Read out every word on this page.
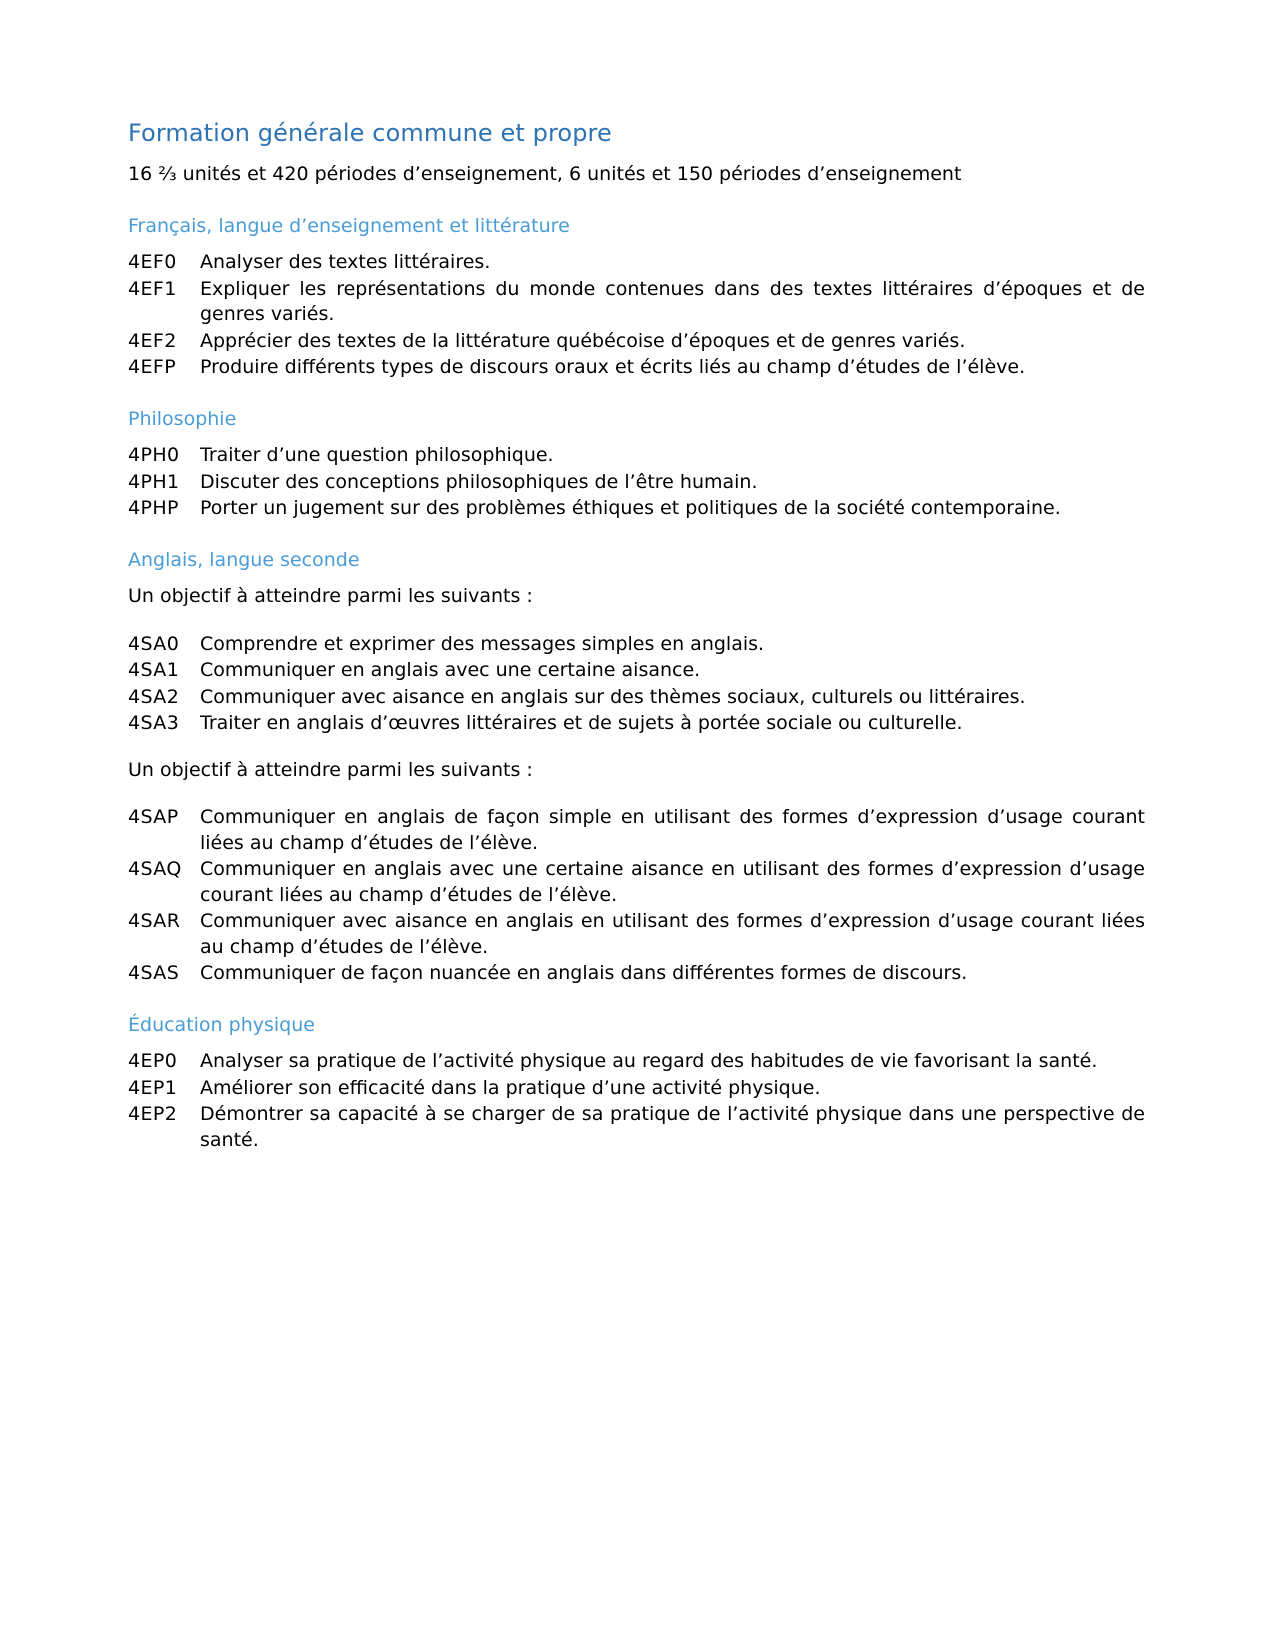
Formation générale commune et propre

16 ⅔ unités et 420 périodes d’enseignement, 6 unités et 150 périodes d’enseignement

Français, langue d’enseignement et littérature
4EF0	Analyser des textes littéraires.
4EF1	Expliquer les représentations du monde contenues dans des textes littéraires d’époques et de genres variés.
4EF2	Apprécier des textes de la littérature québécoise d’époques et de genres variés.
4EFP	Produire différents types de discours oraux et écrits liés au champ d’études de l’élève.
Philosophie
4PH0	Traiter d’une question philosophique.
4PH1	Discuter des conceptions philosophiques de l’être humain.
4PHP	Porter un jugement sur des problèmes éthiques et politiques de la société contemporaine.
Anglais, langue seconde

Un objectif à atteindre parmi les suivants :

4SA0	Comprendre et exprimer des messages simples en anglais.
4SA1	Communiquer en anglais avec une certaine aisance.
4SA2	Communiquer avec aisance en anglais sur des thèmes sociaux, culturels ou littéraires.
4SA3	Traiter en anglais d’œuvres littéraires et de sujets à portée sociale ou culturelle.

Un objectif à atteindre parmi les suivants :

4SAP	Communiquer en anglais de façon simple en utilisant des formes d’expression d’usage courant liées au champ d’études de l’élève.
4SAQ Communiquer en anglais avec une certaine aisance en utilisant des formes d’expression d’usage courant liées au champ d’études de l’élève.
4SAR	Communiquer avec aisance en anglais en utilisant des formes d’expression d’usage courant liées au champ d’études de l’élève.
4SAS	Communiquer de façon nuancée en anglais dans différentes formes de discours.
Éducation physique
4EP0	Analyser sa pratique de l’activité physique au regard des habitudes de vie favorisant la santé.
4EP1	Améliorer son efficacité dans la pratique d’une activité physique.
4EP2	Démontrer sa capacité à se charger de sa pratique de l’activité physique dans une perspective de santé.
